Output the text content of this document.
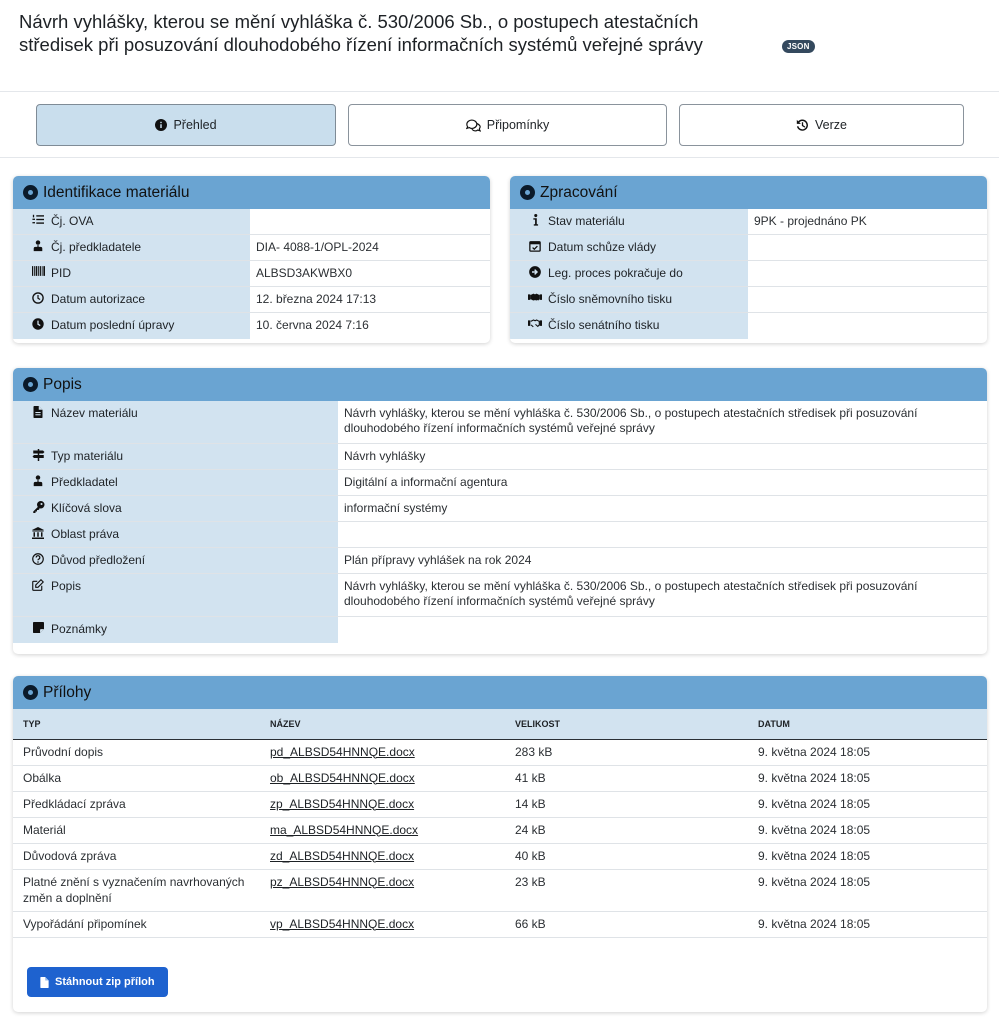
Návrh vyhlášky, kterou se mění vyhláška č. 530/2006 Sb., o postupech atestačních středisek při posuzování dlouhodobého řízení informačních systémů veřejné správy	JSON
Přehled	Připomínky	Verze
Identifikace materiálu
Čj. OVA
Čj. předkladatele	DIA- 4088-1/OPL-2024
PID	ALBSD3AKWBX0
Datum autorizace	12. března 2024 17:13
Datum poslední úpravy	10. června 2024 7:16
Zpracování
Stav materiálu	9PK - projednáno PK
Datum schůze vlády
Leg. proces pokračuje do
Číslo sněmovního tisku
Číslo senátního tisku
Popis
Název materiálu	Návrh vyhlášky, kterou se mění vyhláška č. 530/2006 Sb., o postupech atestačních středisek při posuzování dlouhodobého řízení informačních systémů veřejné správy
Typ materiálu	Návrh vyhlášky
Předkladatel	Digitální a informační agentura
Klíčová slova	informační systémy
Oblast práva
Důvod předložení	Plán přípravy vyhlášek na rok 2024
Popis	Návrh vyhlášky, kterou se mění vyhláška č. 530/2006 Sb., o postupech atestačních středisek při posuzování dlouhodobého řízení informačních systémů veřejné správy
Poznámky
Přílohy
TYP	NÁZEV	VELIKOST	DATUM
Průvodní dopis	pd_ALBSD54HNNQE.docx	283 kB	9. května 2024 18:05
Obálka	ob_ALBSD54HNNQE.docx	41 kB	9. května 2024 18:05
Předkládací zpráva	zp_ALBSD54HNNQE.docx	14 kB	9. května 2024 18:05
Materiál	ma_ALBSD54HNNQE.docx	24 kB	9. května 2024 18:05
Důvodová zpráva	zd_ALBSD54HNNQE.docx	40 kB	9. května 2024 18:05
Platné znění s vyznačením navrhovaných změn a doplnění	pz_ALBSD54HNNQE.docx	23 kB	9. května 2024 18:05
Vypořádání připomínek	vp_ALBSD54HNNQE.docx	66 kB	9. května 2024 18:05
Stáhnout zip příloh
